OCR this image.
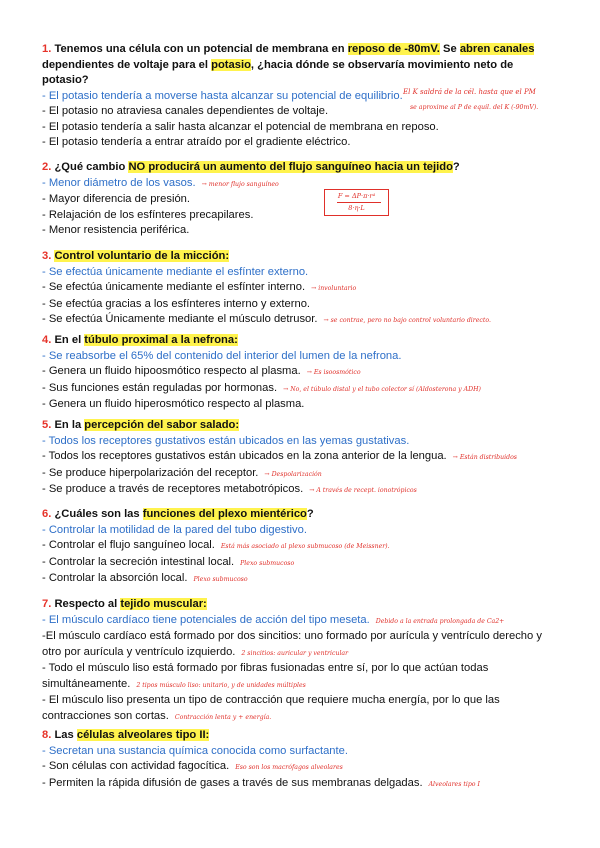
1. Tenemos una célula con un potencial de membrana en reposo de -80mV. Se abren canales
dependientes de voltaje para el potasio, ¿hacia dónde se observaría movimiento neto de
potasio?
- El potasio tendería a moverse hasta alcanzar su potencial de equilibrio.
- El potasio no atraviesa canales dependientes de voltaje.
- El potasio tendería a salir hasta alcanzar el potencial de membrana en reposo.
- El potasio tendería a entrar atraído por el gradiente eléctrico.
El K saldrá de la cél. hasta que el PM
se aproxime al P de equil. del K (-90mV).
2. ¿Qué cambio NO producirá un aumento del flujo sanguíneo hacia un tejido?
- Menor diámetro de los vasos. → menor flujo sanguíneo
- Mayor diferencia de presión.
- Relajación de los esfínteres precapilares.
- Menor resistencia periférica.
F = ΔP·π·r⁴
8·η·L
3. Control voluntario de la micción:
- Se efectúa únicamente mediante el esfínter externo.
- Se efectúa únicamente mediante el esfínter interno. → involuntario
- Se efectúa gracias a los esfínteres interno y externo.
- Se efectúa Únicamente mediante el músculo detrusor. → se contrae, pero no bajo control voluntario directo.
4. En el túbulo proximal a la nefrona:
- Se reabsorbe el 65% del contenido del interior del lumen de la nefrona.
- Genera un fluido hipoosmótico respecto al plasma. → Es isoosmótico
- Sus funciones están reguladas por hormonas. → No, el túbulo distal y el tubo colector sí (Aldosterona y ADH)
- Genera un fluido hiperosmótico respecto al plasma.
5. En la percepción del sabor salado:
- Todos los receptores gustativos están ubicados en las yemas gustativas.
- Todos los receptores gustativos están ubicados en la zona anterior de la lengua. → Están distribuidos
- Se produce hiperpolarización del receptor. → Despolarización
- Se produce a través de receptores metabotrópicos. → A través de recept. ionotrópicos
6. ¿Cuáles son las funciones del plexo mientérico?
- Controlar la motilidad de la pared del tubo digestivo.
- Controlar el flujo sanguíneo local. Está más asociado al plexo submucoso (de Meissner).
- Controlar la secreción intestinal local. Plexo submucoso
- Controlar la absorción local. Plexo submucoso
7. Respecto al tejido muscular:
- El músculo cardíaco tiene potenciales de acción del tipo meseta. Debido a la entrada prolongada de Ca2+
-El músculo cardíaco está formado por dos sincitios: uno formado por aurícula y ventrículo derecho y
otro por aurícula y ventrículo izquierdo. 2 sincitios: auricular y ventricular
- Todo el músculo liso está formado por fibras fusionadas entre sí, por lo que actúan todas
simultáneamente. 2 tipos músculo liso: unitario, y de unidades múltiples
- El músculo liso presenta un tipo de contracción que requiere mucha energía, por lo que las
contracciones son cortas. Contracción lenta y + energía.
8. Las células alveolares tipo II:
- Secretan una sustancia química conocida como surfactante.
- Son células con actividad fagocítica. Eso son los macrófagos alveolares
- Permiten la rápida difusión de gases a través de sus membranas delgadas. Alveolares tipo I
